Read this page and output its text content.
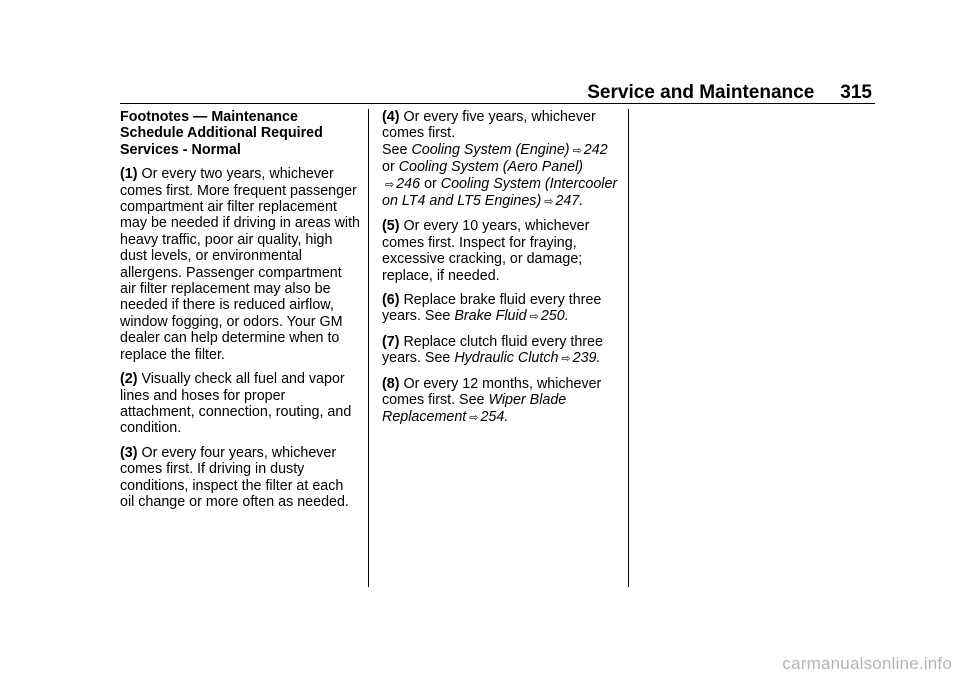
Service and Maintenance 315
Footnotes — Maintenance Schedule Additional Required Services - Normal

(1) Or every two years, whichever comes first. More frequent passenger compartment air filter replacement may be needed if driving in areas with heavy traffic, poor air quality, high dust levels, or environmental allergens. Passenger compartment air filter replacement may also be needed if there is reduced airflow, window fogging, or odors. Your GM dealer can help determine when to replace the filter.

(2) Visually check all fuel and vapor lines and hoses for proper attachment, connection, routing, and condition.

(3) Or every four years, whichever comes first. If driving in dusty conditions, inspect the filter at each oil change or more often as needed.

(4) Or every five years, whichever comes first.
See Cooling System (Engine) ⇨ 242
or Cooling System (Aero Panel)
⇨ 246 or Cooling System (Intercooler on LT4 and LT5 Engines) ⇨ 247.

(5) Or every 10 years, whichever comes first. Inspect for fraying, excessive cracking, or damage; replace, if needed.

(6) Replace brake fluid every three years. See Brake Fluid ⇨ 250.

(7) Replace clutch fluid every three years. See Hydraulic Clutch ⇨ 239.

(8) Or every 12 months, whichever comes first. See Wiper Blade Replacement ⇨ 254.

carmanualsonline.info
